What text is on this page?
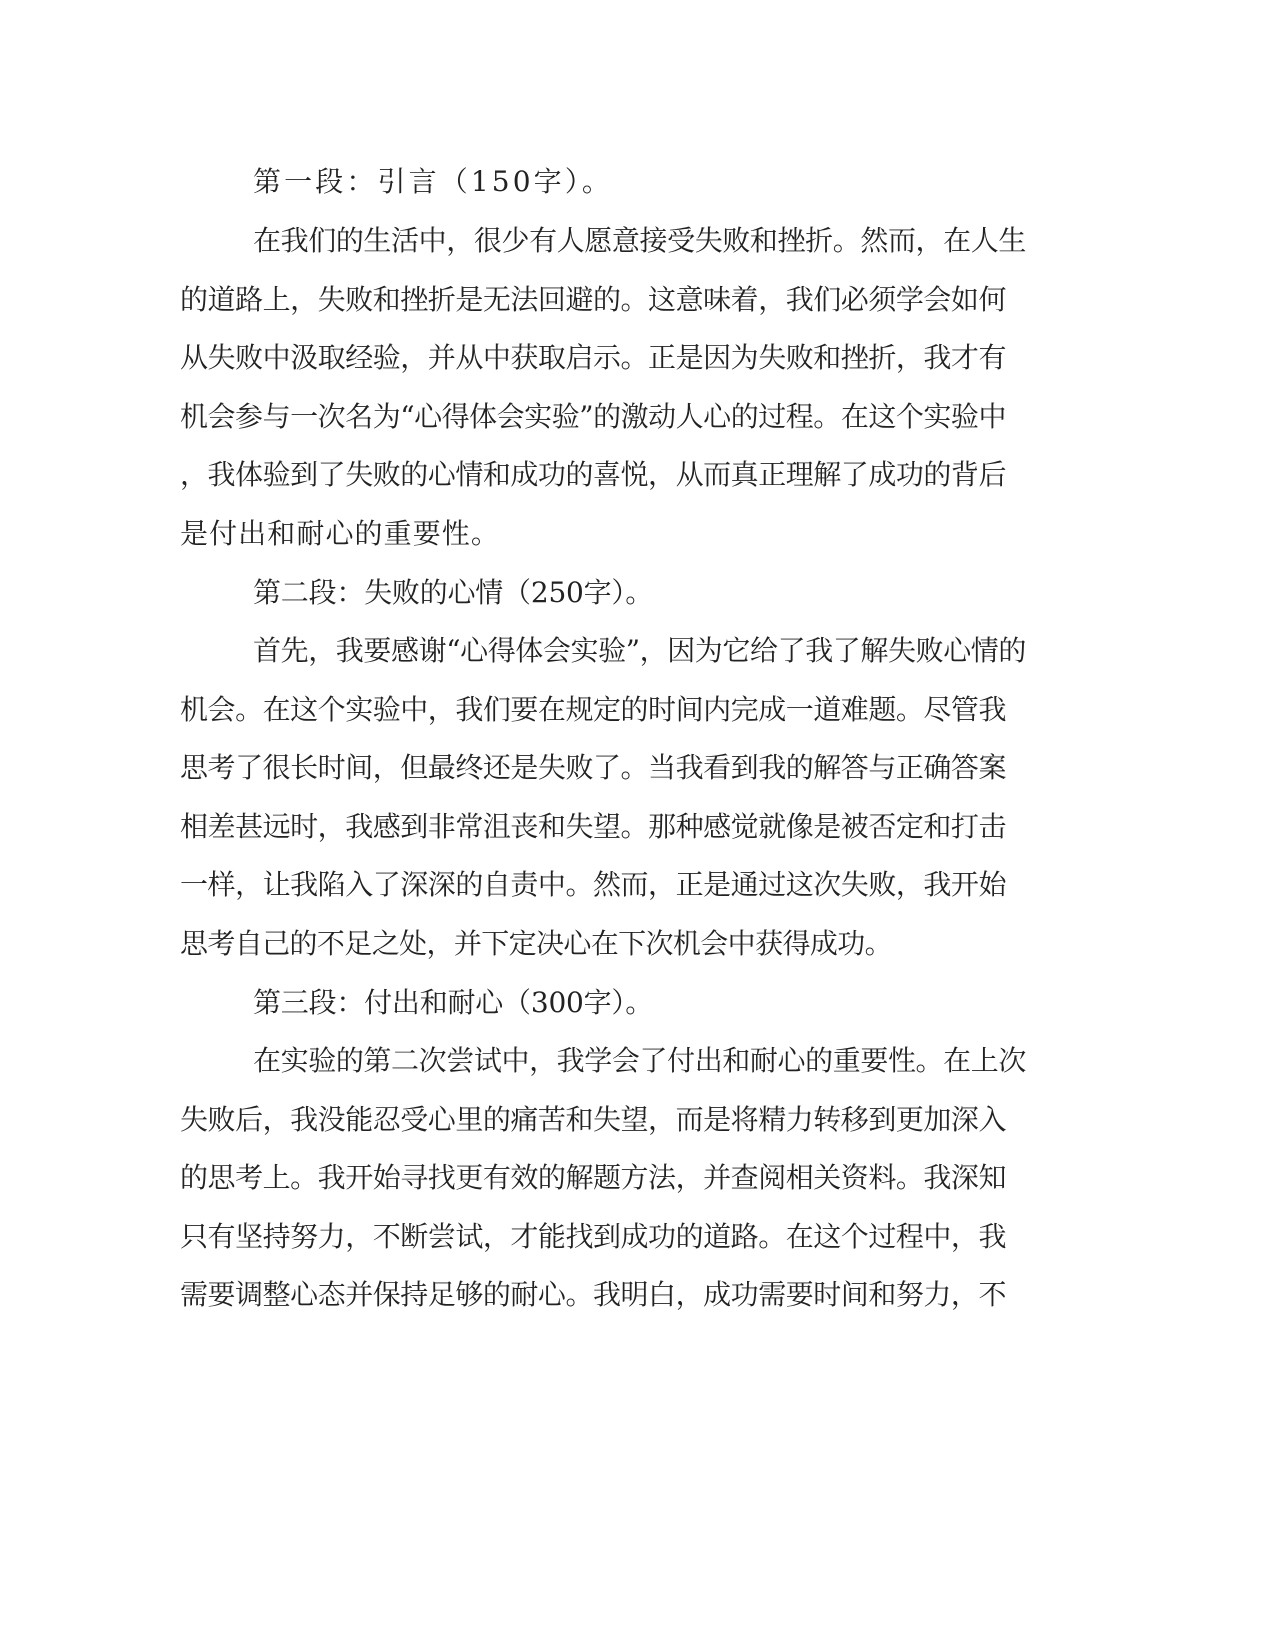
第一段：引言（150字）。
在我们的生活中，很少有人愿意接受失败和挫折。然而，在人生
的道路上，失败和挫折是无法回避的。这意味着，我们必须学会如何
从失败中汲取经验，并从中获取启示。正是因为失败和挫折，我才有
机会参与一次名为“心得体会实验”的激动人心的过程。在这个实验中
，我体验到了失败的心情和成功的喜悦，从而真正理解了成功的背后
是付出和耐心的重要性。
第二段：失败的心情（250字）。
首先，我要感谢“心得体会实验”，因为它给了我了解失败心情的
机会。在这个实验中，我们要在规定的时间内完成一道难题。尽管我
思考了很长时间，但最终还是失败了。当我看到我的解答与正确答案
相差甚远时，我感到非常沮丧和失望。那种感觉就像是被否定和打击
一样，让我陷入了深深的自责中。然而，正是通过这次失败，我开始
思考自己的不足之处，并下定决心在下次机会中获得成功。
第三段：付出和耐心（300字）。
在实验的第二次尝试中，我学会了付出和耐心的重要性。在上次
失败后，我没能忍受心里的痛苦和失望，而是将精力转移到更加深入
的思考上。我开始寻找更有效的解题方法，并查阅相关资料。我深知
只有坚持努力，不断尝试，才能找到成功的道路。在这个过程中，我
需要调整心态并保持足够的耐心。我明白，成功需要时间和努力，不
